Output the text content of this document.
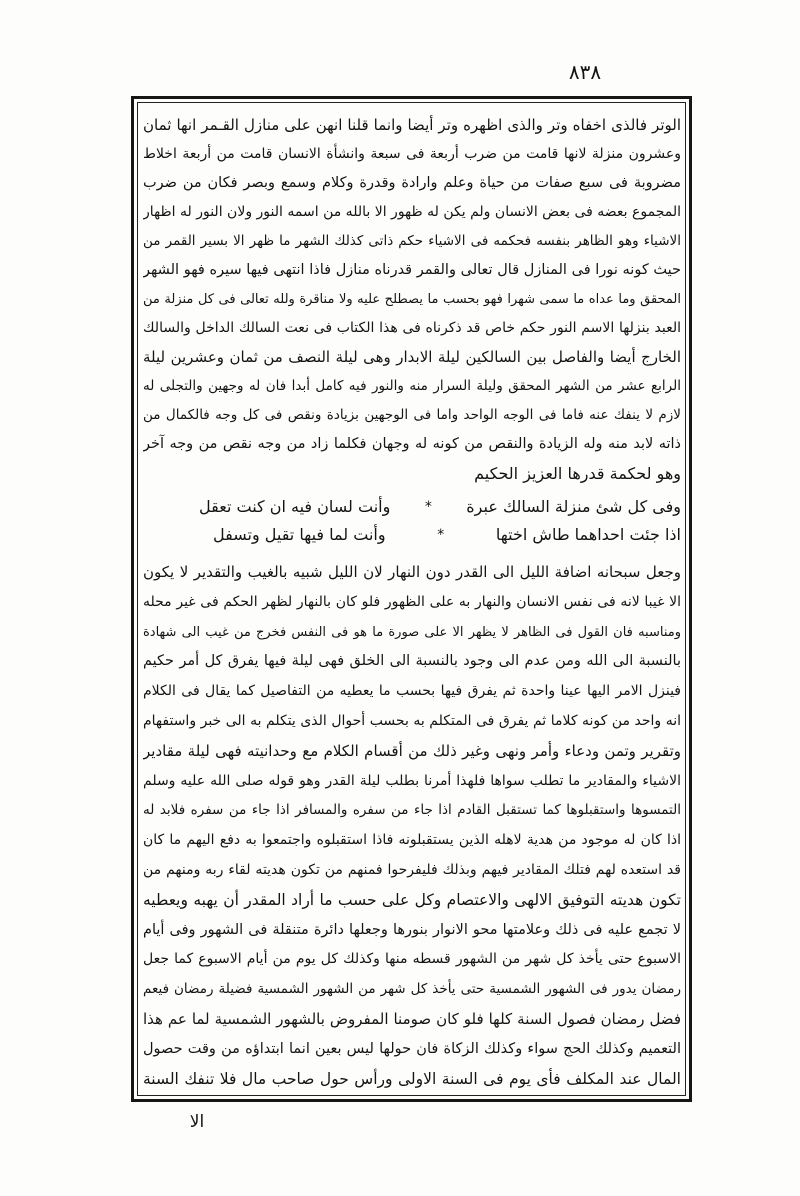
٨٣٨
الوتر فالذى اخفاه وتر والذى اظهره وتر أيضا وانما قلنا انهن على منازل القـمر انها ثمان
وعشرون منزلة لانها قامت من ضرب أربعة فى سبعة وانشأة الانسان قامت من أربعة اخلاط
مضروبة فى سبع صفات من حياة وعلم وارادة وقدرة وكلام وسمع وبصر فكان من ضرب
المجموع بعضه فى بعض الانسان ولم يكن له ظهور الا بالله من اسمه النور ولان النور له اظهار
الاشياء وهو الظاهر بنفسه فحكمه فى الاشياء حكم ذاتى كذلك الشهر ما ظهر الا بسير القمر من
حيث كونه نورا فى المنازل قال تعالى والقمر قدرناه منازل فاذا انتهى فيها سيره فهو الشهر
المحقق وما عداه ما سمى شهرا فهو بحسب ما يصطلح عليه ولا مناقرة ولله تعالى فى كل منزلة من
العبد بنزلها الاسم النور حكم خاص قد ذكرناه فى هذا الكتاب فى نعت السالك الداخل والسالك
الخارج أيضا والفاصل بين السالكين ليلة الابدار وهى ليلة النصف من ثمان وعشرين ليلة
الرابع عشر من الشهر المحقق وليلة السرار منه والنور فيه كامل أبدا فان له وجهين والتجلى له
لازم لا ينفك عنه فاما فى الوجه الواحد واما فى الوجهين بزيادة ونقص فى كل وجه فالكمال من
ذاته لابد منه وله الزيادة والنقص من كونه له وجهان فكلما زاد من وجه نقص من وجه آخر
وهو لحكمة قدرها العزيز الحكيم
وفى كل شئ منزلة السالك عبرة
*
وأنت لسان فيه ان كنت تعقل
اذا جئت احداهما طاش اختها
*
وأنت لما فيها تقيل وتسفل
وجعل سبحانه اضافة الليل الى القدر دون النهار لان الليل شبيه بالغيب والتقدير لا يكون
الا غيبا لانه فى نفس الانسان والنهار به على الظهور فلو كان بالنهار لظهر الحكم فى غير محله
ومناسبه فان القول فى الظاهر لا يظهر الا على صورة ما هو فى النفس فخرج من غيب الى شهادة
بالنسبة الى الله ومن عدم الى وجود بالنسبة الى الخلق فهى ليلة فيها يفرق كل أمر حكيم
فينزل الامر اليها عينا واحدة ثم يفرق فيها بحسب ما يعطيه من التفاصيل كما يقال فى الكلام
انه واحد من كونه كلاما ثم يفرق فى المتكلم به بحسب أحوال الذى يتكلم به الى خبر واستفهام
وتقرير وتمن ودعاء وأمر ونهى وغير ذلك من أقسام الكلام مع وحدانيته فهى ليلة مقادير
الاشياء والمقادير ما تطلب سواها فلهذا أمرنا بطلب ليلة القدر وهو قوله صلى الله عليه وسلم
التمسوها واستقبلوها كما تستقبل القادم اذا جاء من سفره والمسافر اذا جاء من سفره فلابد له
اذا كان له موجود من هدية لاهله الذين يستقبلونه فاذا استقبلوه واجتمعوا به دفع اليهم ما كان
قد استعده لهم فتلك المقادير فيهم وبذلك فليفرحوا فمنهم من تكون هديته لقاء ربه ومنهم من
تكون هديته التوفيق الالهى والاعتصام وكل على حسب ما أراد المقدر أن يهبه ويعطيه
لا تجمع عليه فى ذلك وعلامتها محو الانوار بنورها وجعلها دائرة متنقلة فى الشهور وفى أيام
الاسبوع حتى يأخذ كل شهر من الشهور قسطه منها وكذلك كل يوم من أيام الاسبوع كما جعل
رمضان يدور فى الشهور الشمسية حتى يأخذ كل شهر من الشهور الشمسية فضيلة رمضان فيعم
فضل رمضان فصول السنة كلها فلو كان صومنا المفروض بالشهور الشمسية لما عم هذا
التعميم وكذلك الحج سواء وكذلك الزكاة فان حولها ليس بعين انما ابتداؤه من وقت حصول
المال عند المكلف فأى يوم فى السنة الاولى ورأس حول صاحب مال فلا تنفك السنة
الا
